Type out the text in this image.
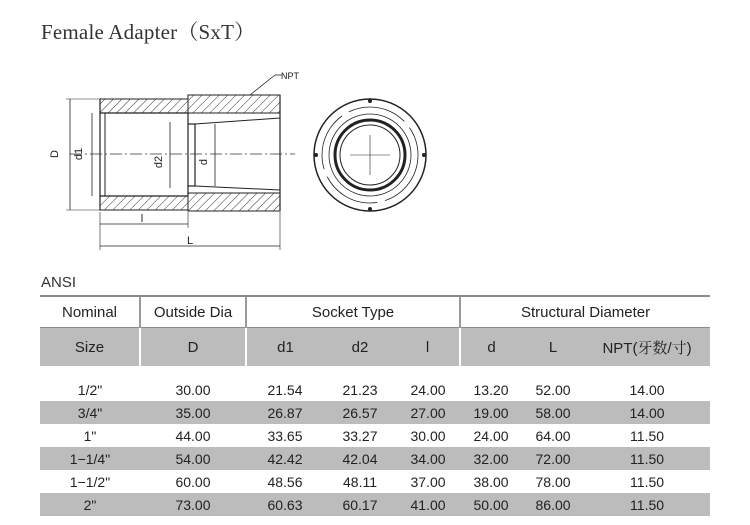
Female Adapter（SxT）
NPT
D d1
d2	d
l
L
ANSI
Nominal	Outside Dia	Socket Type			Structural Diameter		
Size	D	d1	d2	l	d	L	NPT(牙数/寸)

1/2"	30.00	21.54	21.23	24.00	13.20	52.00	14.00
3/4"	35.00	26.87	26.57	27.00	19.00	58.00	14.00
1"	44.00	33.65	33.27	30.00	24.00	64.00	11.50
1−1/4"	54.00	42.42	42.04	34.00	32.00	72.00	11.50
1−1/2"	60.00	48.56	48.11	37.00	38.00	78.00	11.50
2"	73.00	60.63	60.17	41.00	50.00	86.00	11.50
